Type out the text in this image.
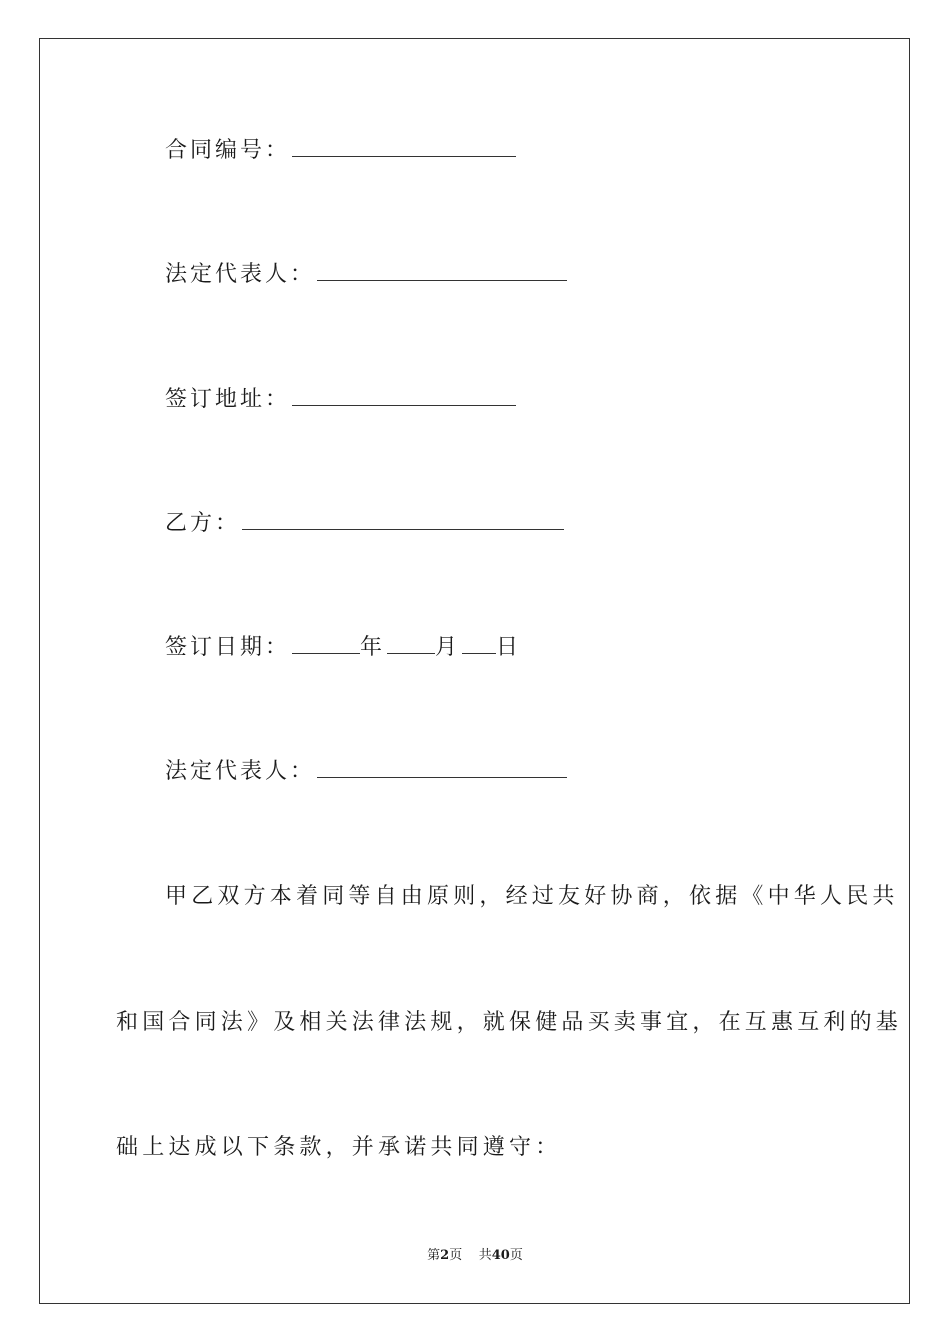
合同编号：
法定代表人：
签订地址：
乙方：
签订日期：	年 月 日
法定代表人：
甲乙双方本着同等自由原则，经过友好协商，依据《中华人民共
和国合同法》及相关法律法规，就保健品买卖事宜，在互惠互利的基
础上达成以下条款，并承诺共同遵守：
第2页 共40页
